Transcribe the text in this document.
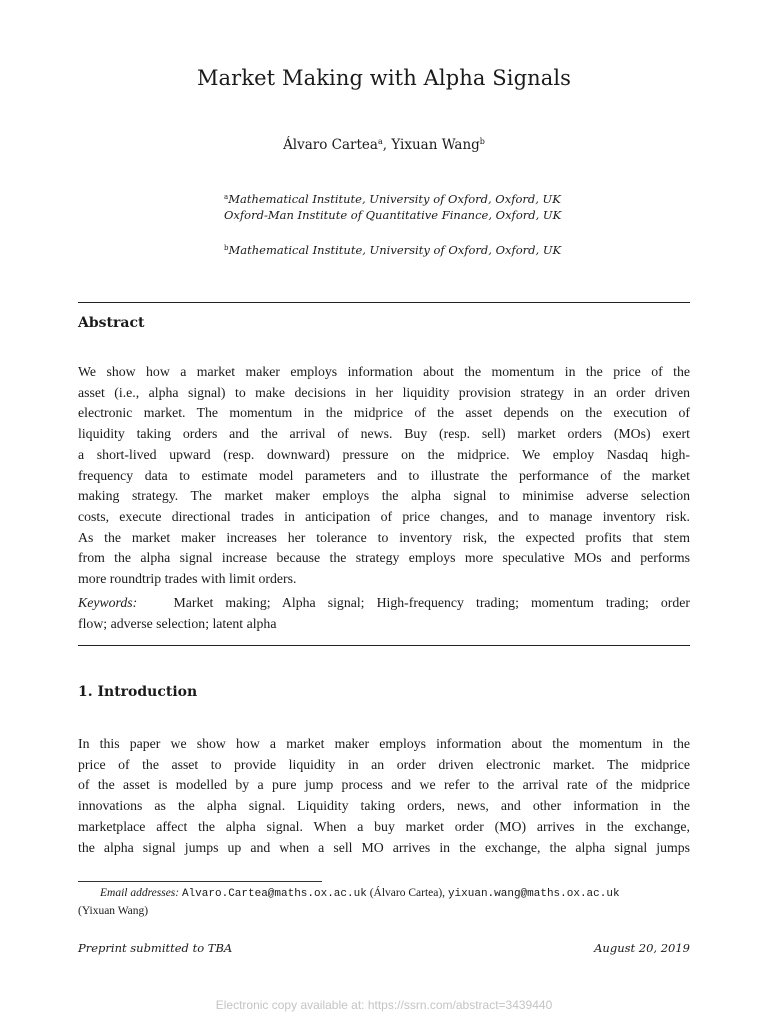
Market Making with Alpha Signals
Álvaro Cartea$^a$, Yixuan Wang$^b$
$^a$Mathematical Institute, University of Oxford, Oxford, UK
Oxford-Man Institute of Quantitative Finance, Oxford, UK
$^b$Mathematical Institute, University of Oxford, Oxford, UK
Abstract
We show how a market maker employs information about the momentum in the price of the
asset (i.e., alpha signal) to make decisions in her liquidity provision strategy in an order driven
electronic market. The momentum in the midprice of the asset depends on the execution of
liquidity taking orders and the arrival of news. Buy (resp. sell) market orders (MOs) exert
a short-lived upward (resp. downward) pressure on the midprice. We employ Nasdaq high-
frequency data to estimate model parameters and to illustrate the performance of the market
making strategy. The market maker employs the alpha signal to minimise adverse selection
costs, execute directional trades in anticipation of price changes, and to manage inventory risk.
As the market maker increases her tolerance to inventory risk, the expected profits that stem
from the alpha signal increase because the strategy employs more speculative MOs and performs
more roundtrip trades with limit orders.
Keywords:	Market making; Alpha signal; High-frequency trading; momentum trading; order
flow; adverse selection; latent alpha
1. Introduction
In this paper we show how a market maker employs information about the momentum in the
price of the asset to provide liquidity in an order driven electronic market. The midprice
of the asset is modelled by a pure jump process and we refer to the arrival rate of the midprice
innovations as the alpha signal. Liquidity taking orders, news, and other information in the
marketplace affect the alpha signal. When a buy market order (MO) arrives in the exchange,
the alpha signal jumps up and when a sell MO arrives in the exchange, the alpha signal jumps
Email addresses: Alvaro.Cartea@maths.ox.ac.uk (Álvaro Cartea), yixuan.wang@maths.ox.ac.uk
(Yixuan Wang)
Preprint submitted to TBA	August 20, 2019
Electronic copy available at: https://ssrn.com/abstract=3439440
